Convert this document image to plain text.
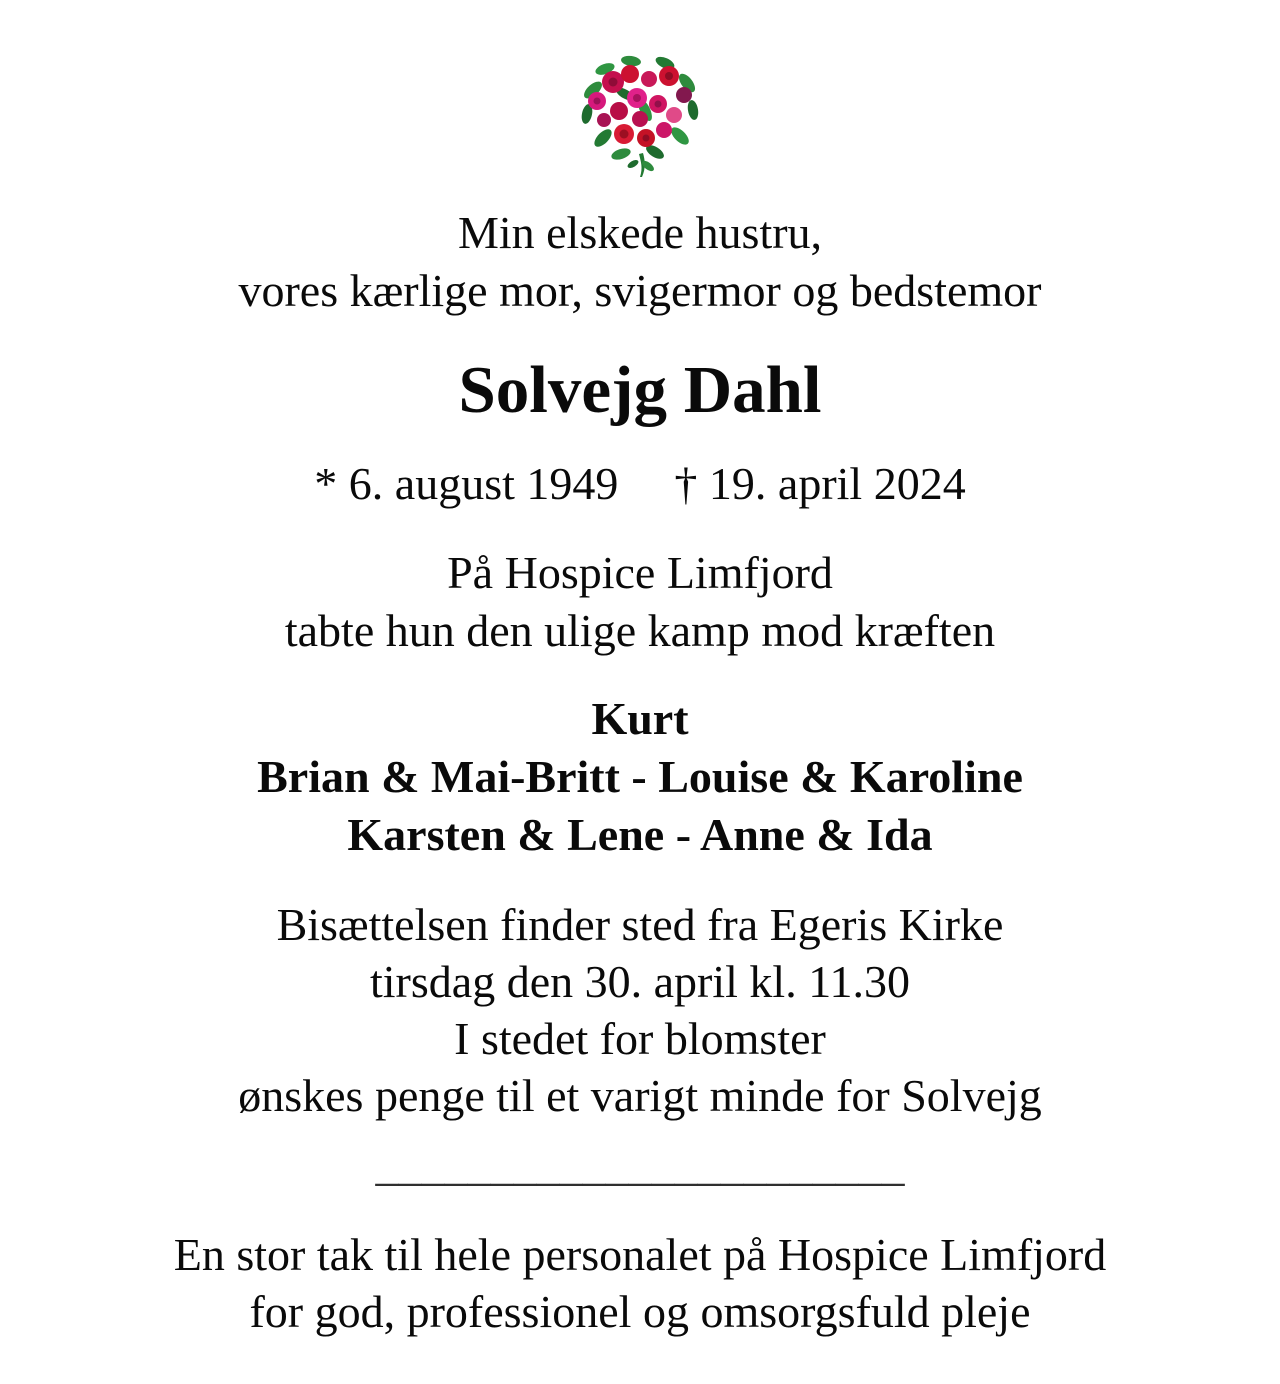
Min elskede hustru,
vores kærlige mor, svigermor og bedstemor
Solvejg Dahl
* 6. august 1949 † 19. april 2024
På Hospice Limfjord
tabte hun den ulige kamp mod kræften
Kurt
Brian & Mai-Britt - Louise & Karoline
Karsten & Lene - Anne & Ida
Bisættelsen finder sted fra Egeris Kirke
tirsdag den 30. april kl. 11.30
I stedet for blomster
ønskes penge til et varigt minde for Solvejg
_______________________
En stor tak til hele personalet på Hospice Limfjord
for god, professionel og omsorgsfuld pleje
